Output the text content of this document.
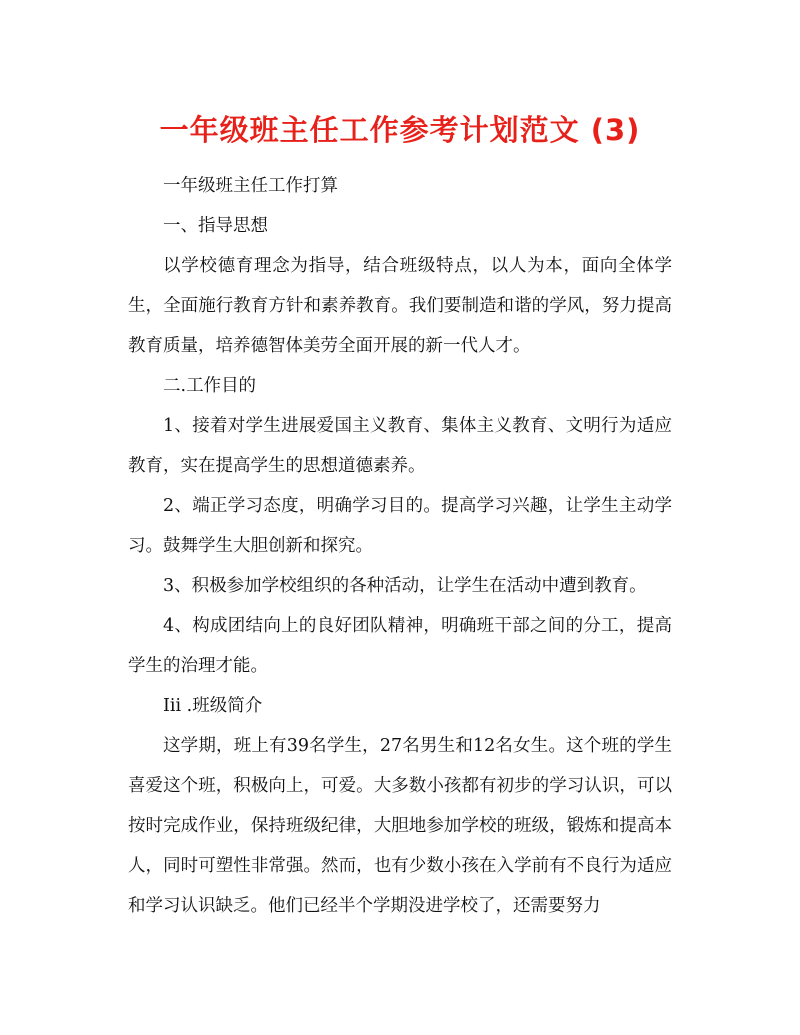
一年级班主任工作参考计划范文 (3)

一年级班主任工作打算

一、指导思想

以学校德育理念为指导，结合班级特点，以人为本，面向全体学生，全面施行教育方针和素养教育。我们要制造和谐的学风，努力提高教育质量，培养德智体美劳全面开展的新一代人才。

二.工作目的

1、接着对学生进展爱国主义教育、集体主义教育、文明行为适应教育，实在提高学生的思想道德素养。

2、端正学习态度，明确学习目的。提高学习兴趣，让学生主动学习。鼓舞学生大胆创新和探究。

3、积极参加学校组织的各种活动，让学生在活动中遭到教育。

4、构成团结向上的良好团队精神，明确班干部之间的分工，提高学生的治理才能。

Iii .班级简介

这学期，班上有39名学生，27名男生和12名女生。这个班的学生喜爱这个班，积极向上，可爱。大多数小孩都有初步的学习认识，可以按时完成作业，保持班级纪律，大胆地参加学校的班级，锻炼和提高本人，同时可塑性非常强。然而，也有少数小孩在入学前有不良行为适应和学习认识缺乏。他们已经半个学期没进学校了，还需要努力
